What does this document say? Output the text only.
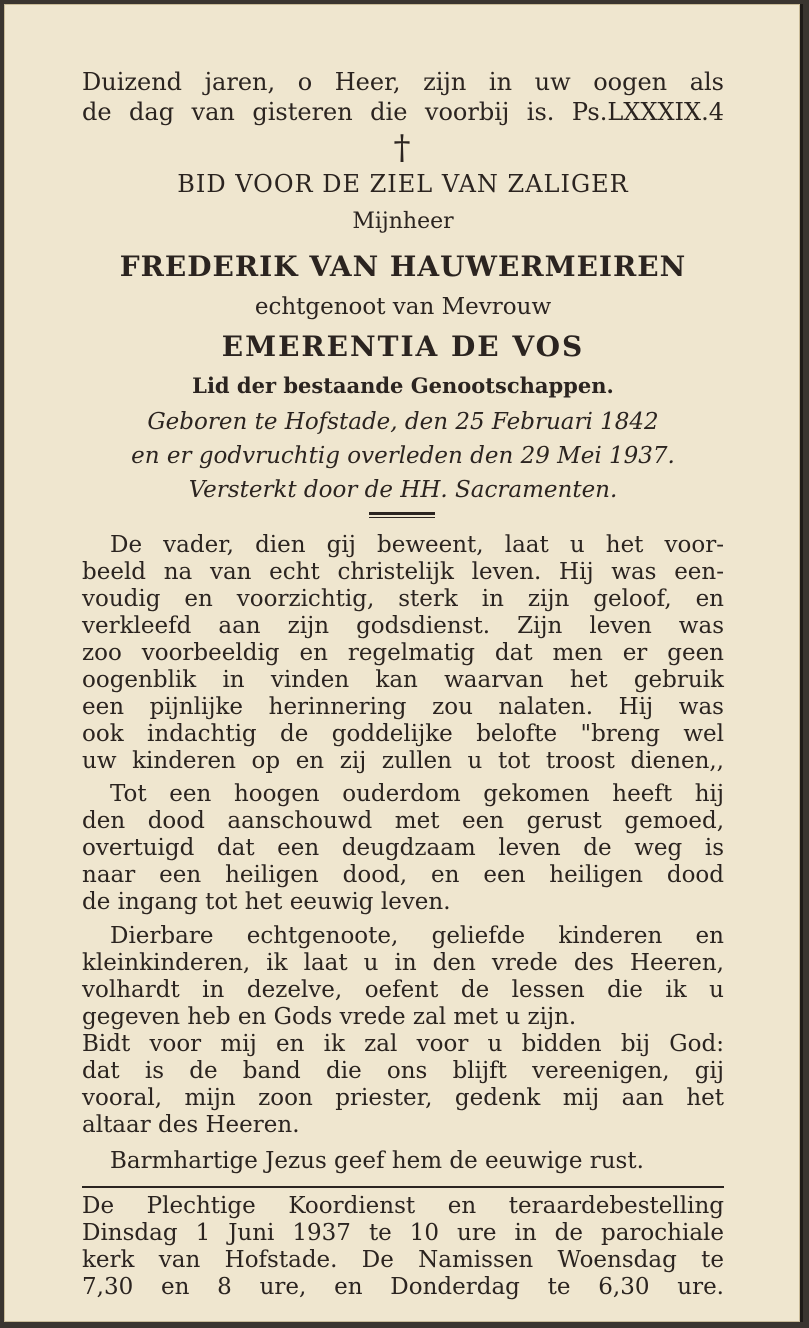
Duizend jaren, o Heer, zijn in uw oogen als
de dag van gisteren die voorbij is. Ps.LXXXIX.4
†
BID VOOR DE ZIEL VAN ZALIGER
Mijnheer
FREDERIK VAN HAUWERMEIREN
echtgenoot van Mevrouw
EMERENTIA DE VOS
Lid der bestaande Genootschappen.
Geboren te Hofstade, den 25 Februari 1842
en er godvruchtig overleden den 29 Mei 1937.
Versterkt door de HH. Sacramenten.
De vader, dien gij beweent, laat u het voor-
beeld na van echt christelijk leven. Hij was een-
voudig en voorzichtig, sterk in zijn geloof, en
verkleefd aan zijn godsdienst. Zijn leven was
zoo voorbeeldig en regelmatig dat men er geen
oogenblik in vinden kan waarvan het gebruik
een pijnlijke herinnering zou nalaten. Hij was
ook indachtig de goddelijke belofte "breng wel
uw kinderen op en zij zullen u tot troost dienen,,
Tot een hoogen ouderdom gekomen heeft hij
den dood aanschouwd met een gerust gemoed,
overtuigd dat een deugdzaam leven de weg is
naar een heiligen dood, en een heiligen dood
de ingang tot het eeuwig leven.
Dierbare echtgenoote, geliefde kinderen en
kleinkinderen, ik laat u in den vrede des Heeren,
volhardt in dezelve, oefent de lessen die ik u
gegeven heb en Gods vrede zal met u zijn.
Bidt voor mij en ik zal voor u bidden bij God:
dat is de band die ons blijft vereenigen, gij
vooral, mijn zoon priester, gedenk mij aan het
altaar des Heeren.
Barmhartige Jezus geef hem de eeuwige rust.
De Plechtige Koordienst en teraardebestelling
Dinsdag 1 Juni 1937 te 10 ure in de parochiale
kerk van Hofstade. De Namissen Woensdag te
7,30 en 8 ure, en Donderdag te 6,30 ure.
